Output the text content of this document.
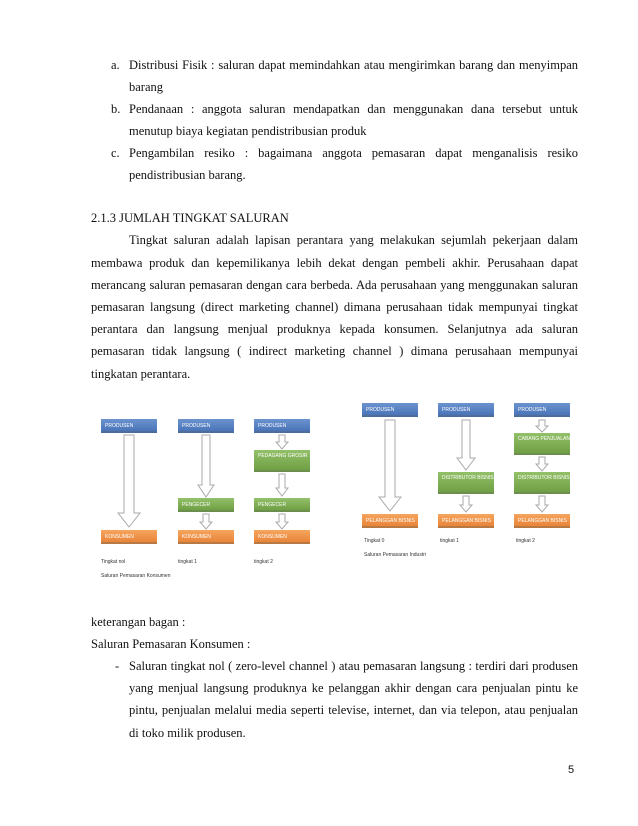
a. Distribusi Fisik : saluran dapat memindahkan atau mengirimkan barang dan menyimpan
barang
b. Pendanaan : anggota saluran mendapatkan dan menggunakan dana tersebut untuk
menutup biaya kegiatan pendistribusian produk
c. Pengambilan resiko : bagaimana anggota pemasaran dapat menganalisis resiko
pendistribusian barang.
2.1.3 JUMLAH TINGKAT SALURAN
Tingkat saluran adalah lapisan perantara yang melakukan sejumlah pekerjaan dalam
membawa produk dan kepemilikanya lebih dekat dengan pembeli akhir. Perusahaan dapat
merancang saluran pemasaran dengan cara berbeda. Ada perusahaan yang menggunakan saluran
pemasaran langsung (direct marketing channel) dimana perusahaan tidak mempunyai tingkat
perantara dan langsung menjual produknya kepada konsumen. Selanjutnya ada saluran
pemasaran tidak langsung ( indirect marketing channel ) dimana perusahaan mempunyai
tingkatan perantara.
PRODUSEN
KONSUMEN
PRODUSEN
PENGECER
KONSUMEN
PRODUSEN
PEDAGANG GROSIR
PENGECER
KONSUMEN
Tingkat nol	tingkat 1	tingkat 2
Saluran Pemasaran Konsumen
PRODUSEN
PELANGGAN BISNIS
PRODUSEN
DISTRIBUTOR BISNIS
PELANGGAN BISNIS
PRODUSEN
CABANG PENJUALAN
DISTRIBUTOR BISNIS
PELANGGAN BISNIS
Tingkat 0	tingkat 1	tingkat 2
Saluran Pemasaran Industri
keterangan bagan :
Saluran Pemasaran Konsumen :
- Saluran tingkat nol ( zero-level channel ) atau pemasaran langsung : terdiri dari produsen
yang menjual langsung produknya ke pelanggan akhir dengan cara penjualan pintu ke
pintu, penjualan melalui media seperti televise, internet, dan via telepon, atau penjualan
di toko milik produsen.
5
